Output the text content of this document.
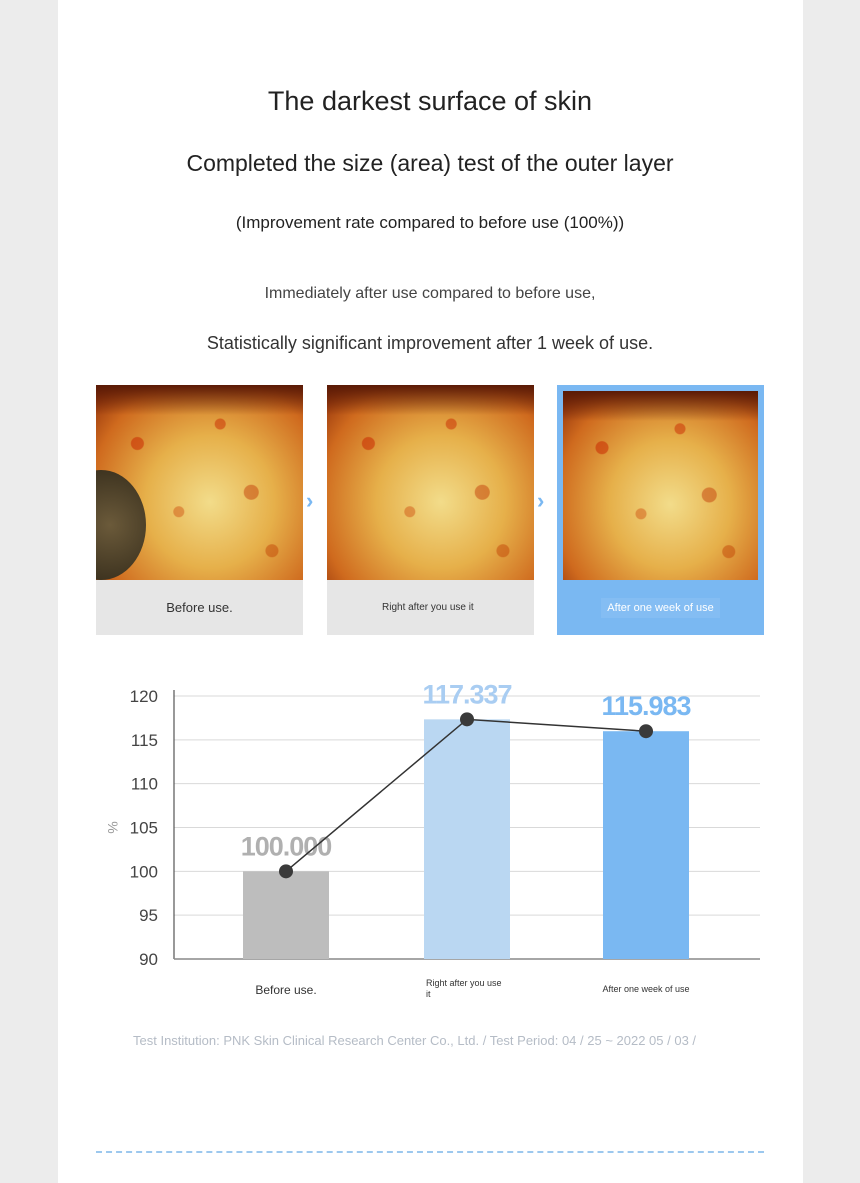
The darkest surface of skin
Completed the size (area) test of the outer layer
(Improvement rate compared to before use (100%))
Immediately after use compared to before use,
Statistically significant improvement after 1 week of use.
Before use.
›
Right after you use it
›
After one week of use
90
95
100
105
110
115
120
%
100.000
117.337	115.983
Before use.	Right after you use it	After one week of use
Test Institution: PNK Skin Clinical Research Center Co., Ltd. / Test Period: 04 / 25 ~ 2022 05 / 03 /
